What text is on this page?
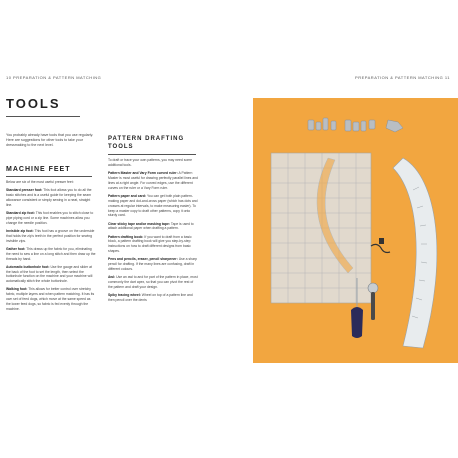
10 PREPARATION & PATTERN MATCHING	PREPARATION & PATTERN MATCHING 11
TOOLS
You probably already have tools that you use regularly. Here are suggestions for other tools to take your dressmaking to the next level.
MACHINE FEET

Below are six of the most useful presser feet:

Standard presser foot: This foot allows you to do all the basic stitches and is a useful guide for keeping the seam allowance consistent or simply sewing in a neat, straight line.

Standard zip foot: This foot enables you to stitch close to pipe piping cord or a zip line. Some machines allow you change the needle position.

Invisible zip foot: This foot has a groove on the underside that holds the zip's teeth in the perfect position for sewing invisible zips.

Gather foot: This draws up the fabric for you, eliminating the need to sew a line on a long stitch and then draw up the threads by hand.

Automatic buttonhole foot: Use the gauge and slider at the back of the foot to set the length, then select the buttonhole function on the machine and your machine will automatically stitch the whole buttonhole.

Walking foot: This allows for better control over stretchy fabric, multiple layers and when pattern matching. It has its own set of feed dogs, which move at the same speed as the lower feed dogs, so fabric is fed evenly through the machine.

PATTERN DRAFTING TOOLS

To draft or trace your own patterns, you may need some additional tools.

Pattern Master and Vary Form curved ruler: A Pattern Master is most useful for drawing perfectly parallel lines and lines at a right angle. For curved edges, use the different curves on the ruler or a Vary Form ruler.

Pattern paper and card: You can get both plain pattern-making paper and dot-and-cross paper (which has dots and crosses at regular intervals, to make measuring easier). To keep a master copy to draft other patterns, copy it onto sturdy card.

Clear sticky tape and/or masking tape: Tape is used to attach additional paper when drafting a pattern.

Pattern drafting book: If you want to draft from a basic block, a pattern drafting book will give you step-by-step instructions on how to draft different designs from basic shapes.

Pens and pencils, eraser, pencil sharpener: Use a sharp pencil for drafting. If the many lines are confusing, draft in different colours.

Awl: Use an awl to and for part of the pattern in place, most commonly the dart apex, so that you can pivot the rest of the pattern and draft your design.

Spiky tracing wheel: Wheel on top of a pattern line and then pencil over the dents
